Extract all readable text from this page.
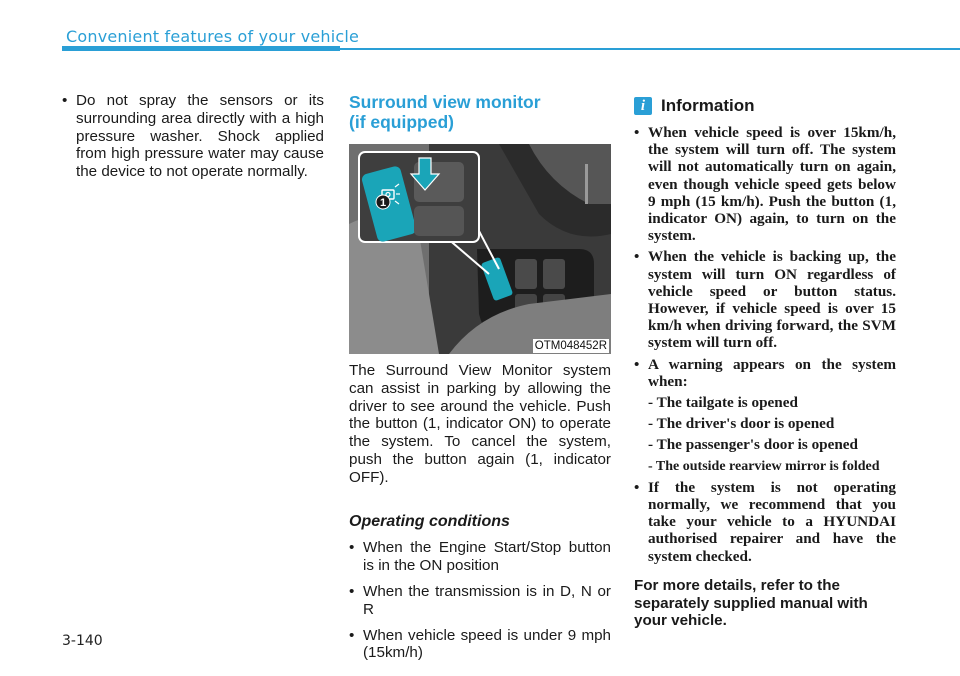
Convenient features of your vehicle
• Do not spray the sensors or its surrounding area directly with a high pressure washer. Shock applied from high pressure water may cause the device to not operate normally.
Surround view monitor
(if equipped)
1
OTM048452R

The Surround View Monitor system can assist in parking by allowing the driver to see around the vehicle. Push the button (1, indicator ON) to operate the system. To cancel the system, push the button again (1, indicator OFF).

Operating conditions
• When the Engine Start/Stop button is in the ON position
• When the transmission is in D, N or R
• When vehicle speed is under 9 mph (15km/h)
i Information
• When vehicle speed is over 15km/h, the system will turn off. The system will not automatically turn on again, even though vehicle speed gets below 9 mph (15 km/h). Push the button (1, indicator ON) again, to turn on the system.
• When the vehicle is backing up, the system will turn ON regardless of vehicle speed or button status. However, if vehicle speed is over 15 km/h when driving forward, the SVM system will turn off.
• A warning appears on the system when:
- The tailgate is opened
- The driver's door is opened
- The passenger's door is opened
- The outside rearview mirror is folded
• If the system is not operating normally, we recommend that you take your vehicle to a HYUNDAI authorised repairer and have the system checked.
For more details, refer to the separately supplied manual with your vehicle.
3-140
